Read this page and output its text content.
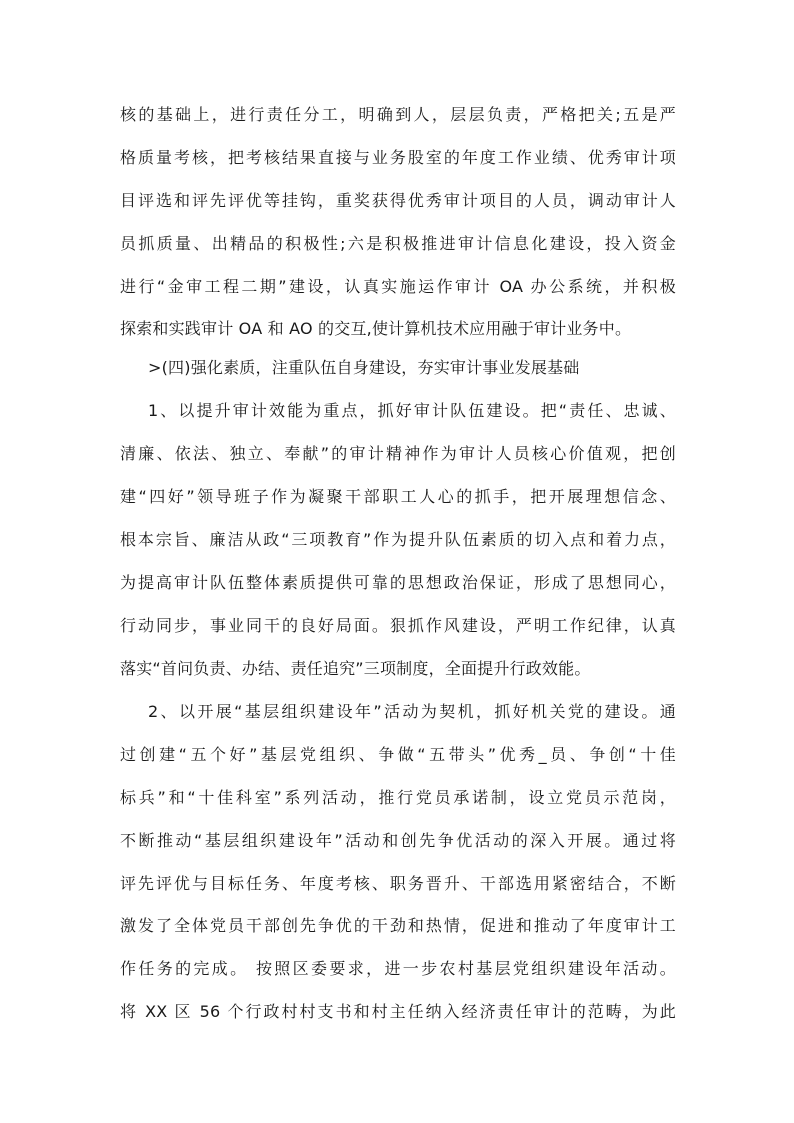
核的基础上，进行责任分工，明确到人，层层负责，严格把关;五是严
格质量考核，把考核结果直接与业务股室的年度工作业绩、优秀审计项
目评选和评先评优等挂钩，重奖获得优秀审计项目的人员，调动审计人
员抓质量、出精品的积极性;六是积极推进审计信息化建设，投入资金
进行“金审工程二期”建设，认真实施运作审计 OA 办公系统，并积极
探索和实践审计 OA 和 AO 的交互,使计算机技术应用融于审计业务中。
>(四)强化素质，注重队伍自身建设，夯实审计事业发展基础
1、以提升审计效能为重点，抓好审计队伍建设。把“责任、忠诚、
清廉、依法、独立、奉献”的审计精神作为审计人员核心价值观，把创
建“四好”领导班子作为凝聚干部职工人心的抓手，把开展理想信念、
根本宗旨、廉洁从政“三项教育”作为提升队伍素质的切入点和着力点，
为提高审计队伍整体素质提供可靠的思想政治保证，形成了思想同心，
行动同步，事业同干的良好局面。狠抓作风建设，严明工作纪律，认真
落实“首问负责、办结、责任追究”三项制度，全面提升行政效能。
2、以开展“基层组织建设年”活动为契机，抓好机关党的建设。通
过创建“五个好”基层党组织、争做“五带头”优秀_员、争创“十佳
标兵”和“十佳科室”系列活动，推行党员承诺制，设立党员示范岗，
不断推动“基层组织建设年”活动和创先争优活动的深入开展。通过将
评先评优与目标任务、年度考核、职务晋升、干部选用紧密结合，不断
激发了全体党员干部创先争优的干劲和热情，促进和推动了年度审计工
作任务的完成。 按照区委要求，进一步农村基层党组织建设年活动。
将 XX 区 56 个行政村村支书和村主任纳入经济责任审计的范畴，为此
